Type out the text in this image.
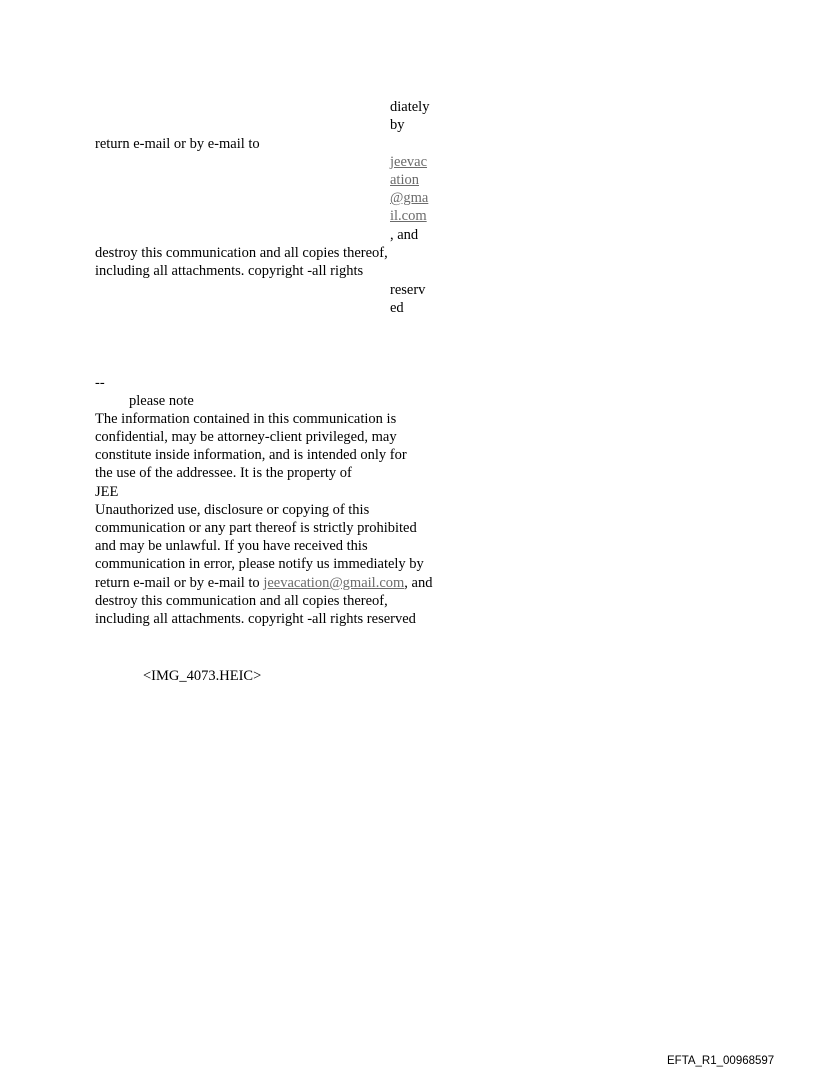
diately
by
return e-mail or by e-mail to
jeevac
ation
@gma
il.com
, and
destroy this communication and all copies thereof,
including all attachments. copyright -all rights
reserv
ed
--
please note
The information contained in this communication is
confidential, may be attorney-client privileged, may
constitute inside information, and is intended only for
the use of the addressee. It is the property of
JEE
Unauthorized use, disclosure or copying of this
communication or any part thereof is strictly prohibited
and may be unlawful. If you have received this
communication in error, please notify us immediately by
return e-mail or by e-mail to jeevacation@gmail.com, and
destroy this communication and all copies thereof,
including all attachments. copyright -all rights reserved
<IMG_4073.HEIC>
EFTA_R1_00968597
